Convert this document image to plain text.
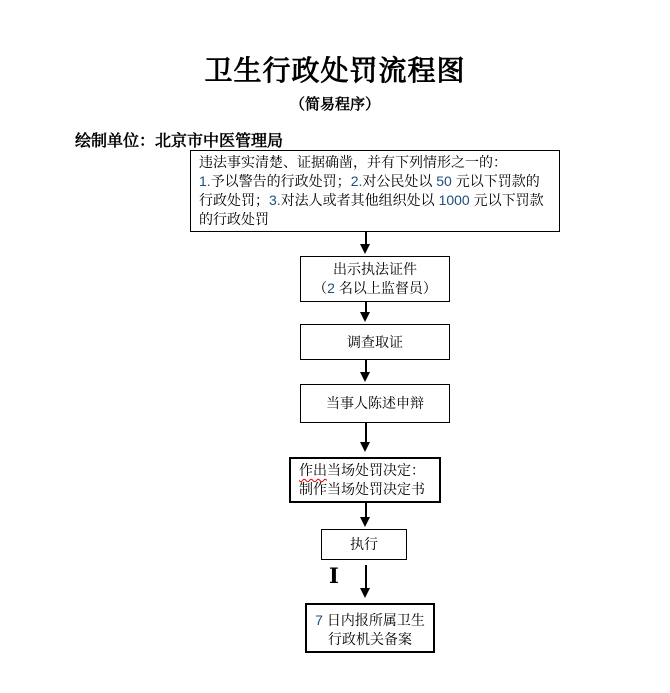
卫生行政处罚流程图
（简易程序）
绘制单位：北京市中医管理局
违法事实清楚、证据确凿，并有下列情形之一的：
1.予以警告的行政处罚；2.对公民处以 50 元以下罚款的
行政处罚；3.对法人或者其他组织处以 1000 元以下罚款
的行政处罚
出示执法证件
（2 名以上监督员）
调查取证
当事人陈述申辩
作出当场处罚决定：
制作当场处罚决定书
执行
I
7 日内报所属卫生
行政机关备案
